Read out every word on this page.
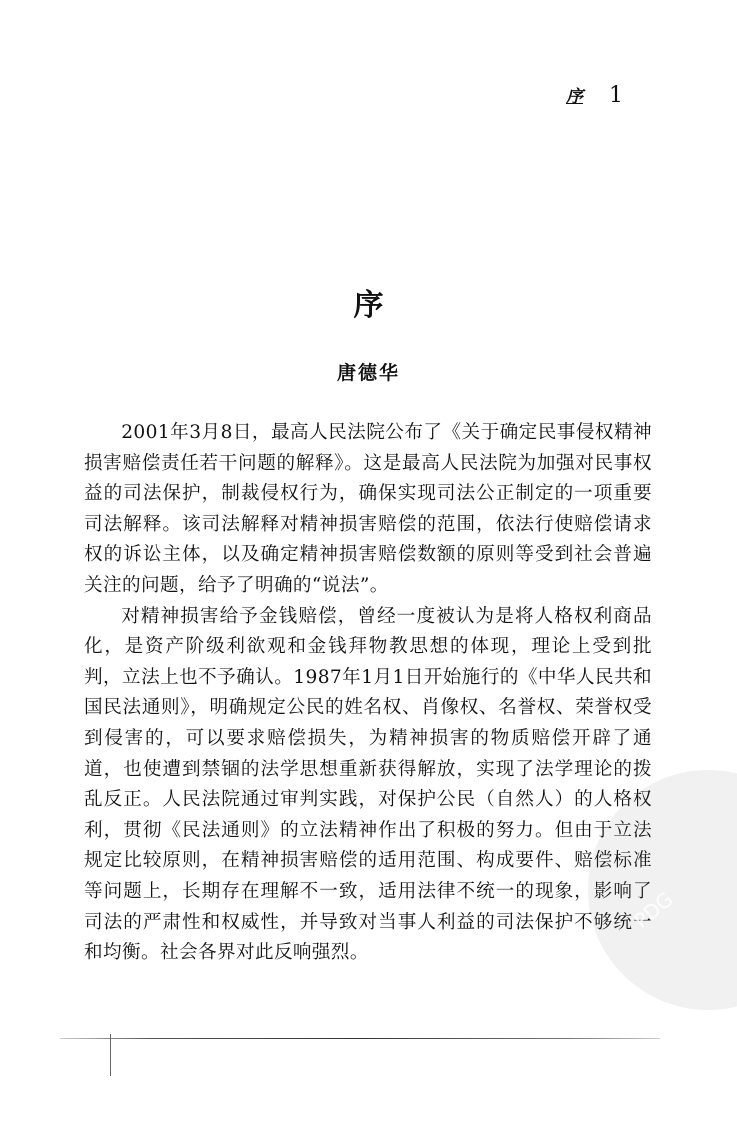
序 1
序
唐德华

2001年3月8日，最高人民法院公布了《关于确定民事侵权精神损害赔偿责任若干问题的解释》。这是最高人民法院为加强对民事权益的司法保护，制裁侵权行为，确保实现司法公正制定的一项重要司法解释。该司法解释对精神损害赔偿的范围，依法行使赔偿请求权的诉讼主体，以及确定精神损害赔偿数额的原则等受到社会普遍关注的问题，给予了明确的“说法”。

对精神损害给予金钱赔偿，曾经一度被认为是将人格权利商品化，是资产阶级利欲观和金钱拜物教思想的体现，理论上受到批判，立法上也不予确认。1987年1月1日开始施行的《中华人民共和国民法通则》，明确规定公民的姓名权、肖像权、名誉权、荣誉权受到侵害的，可以要求赔偿损失，为精神损害的物质赔偿开辟了通道，也使遭到禁锢的法学思想重新获得解放，实现了法学理论的拨乱反正。人民法院通过审判实践，对保护公民（自然人）的人格权利，贯彻《民法通则》的立法精神作出了积极的努力。但由于立法规定比较原则，在精神损害赔偿的适用范围、构成要件、赔偿标准等问题上，长期存在理解不一致，适用法律不统一的现象，影响了司法的严肃性和权威性，并导致对当事人利益的司法保护不够统一和均衡。社会各界对此反响强烈。

PDG
